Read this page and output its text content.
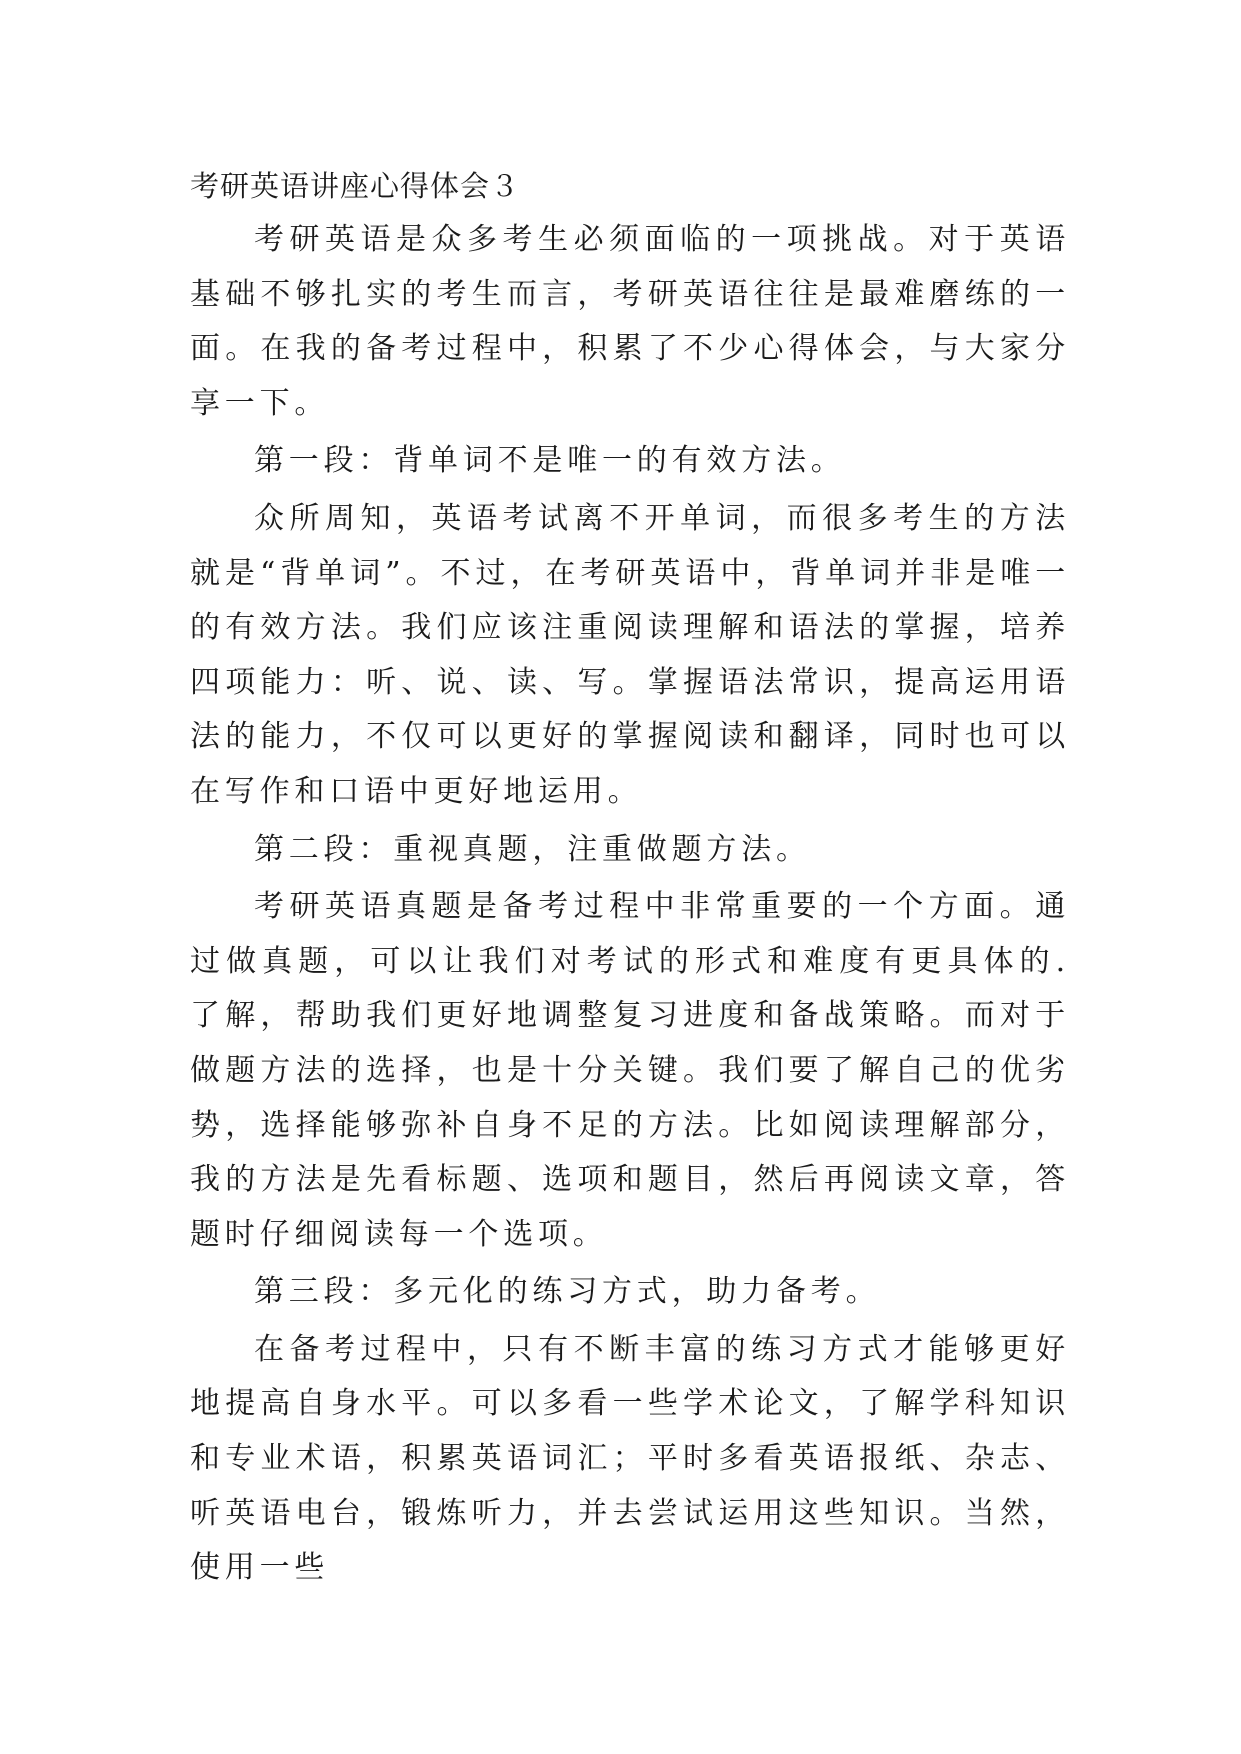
考研英语讲座心得体会３

考研英语是众多考生必须面临的一项挑战。对于英语基础不够扎实的考生而言，考研英语往往是最难磨练的一面。在我的备考过程中，积累了不少心得体会，与大家分享一下。

第一段：背单词不是唯一的有效方法。

众所周知，英语考试离不开单词，而很多考生的方法就是“背单词”。不过，在考研英语中，背单词并非是唯一的有效方法。我们应该注重阅读理解和语法的掌握，培养四项能力：听、说、读、写。掌握语法常识，提高运用语法的能力，不仅可以更好的掌握阅读和翻译，同时也可以在写作和口语中更好地运用。

第二段：重视真题，注重做题方法。

考研英语真题是备考过程中非常重要的一个方面。通过做真题，可以让我们对考试的形式和难度有更具体的.了解，帮助我们更好地调整复习进度和备战策略。而对于做题方法的选择，也是十分关键。我们要了解自己的优劣势，选择能够弥补自身不足的方法。比如阅读理解部分，我的方法是先看标题、选项和题目，然后再阅读文章，答题时仔细阅读每一个选项。

第三段：多元化的练习方式，助力备考。

在备考过程中，只有不断丰富的练习方式才能够更好地提高自身水平。可以多看一些学术论文，了解学科知识和专业术语，积累英语词汇；平时多看英语报纸、杂志、听英语电台，锻炼听力，并去尝试运用这些知识。当然，使用一些
